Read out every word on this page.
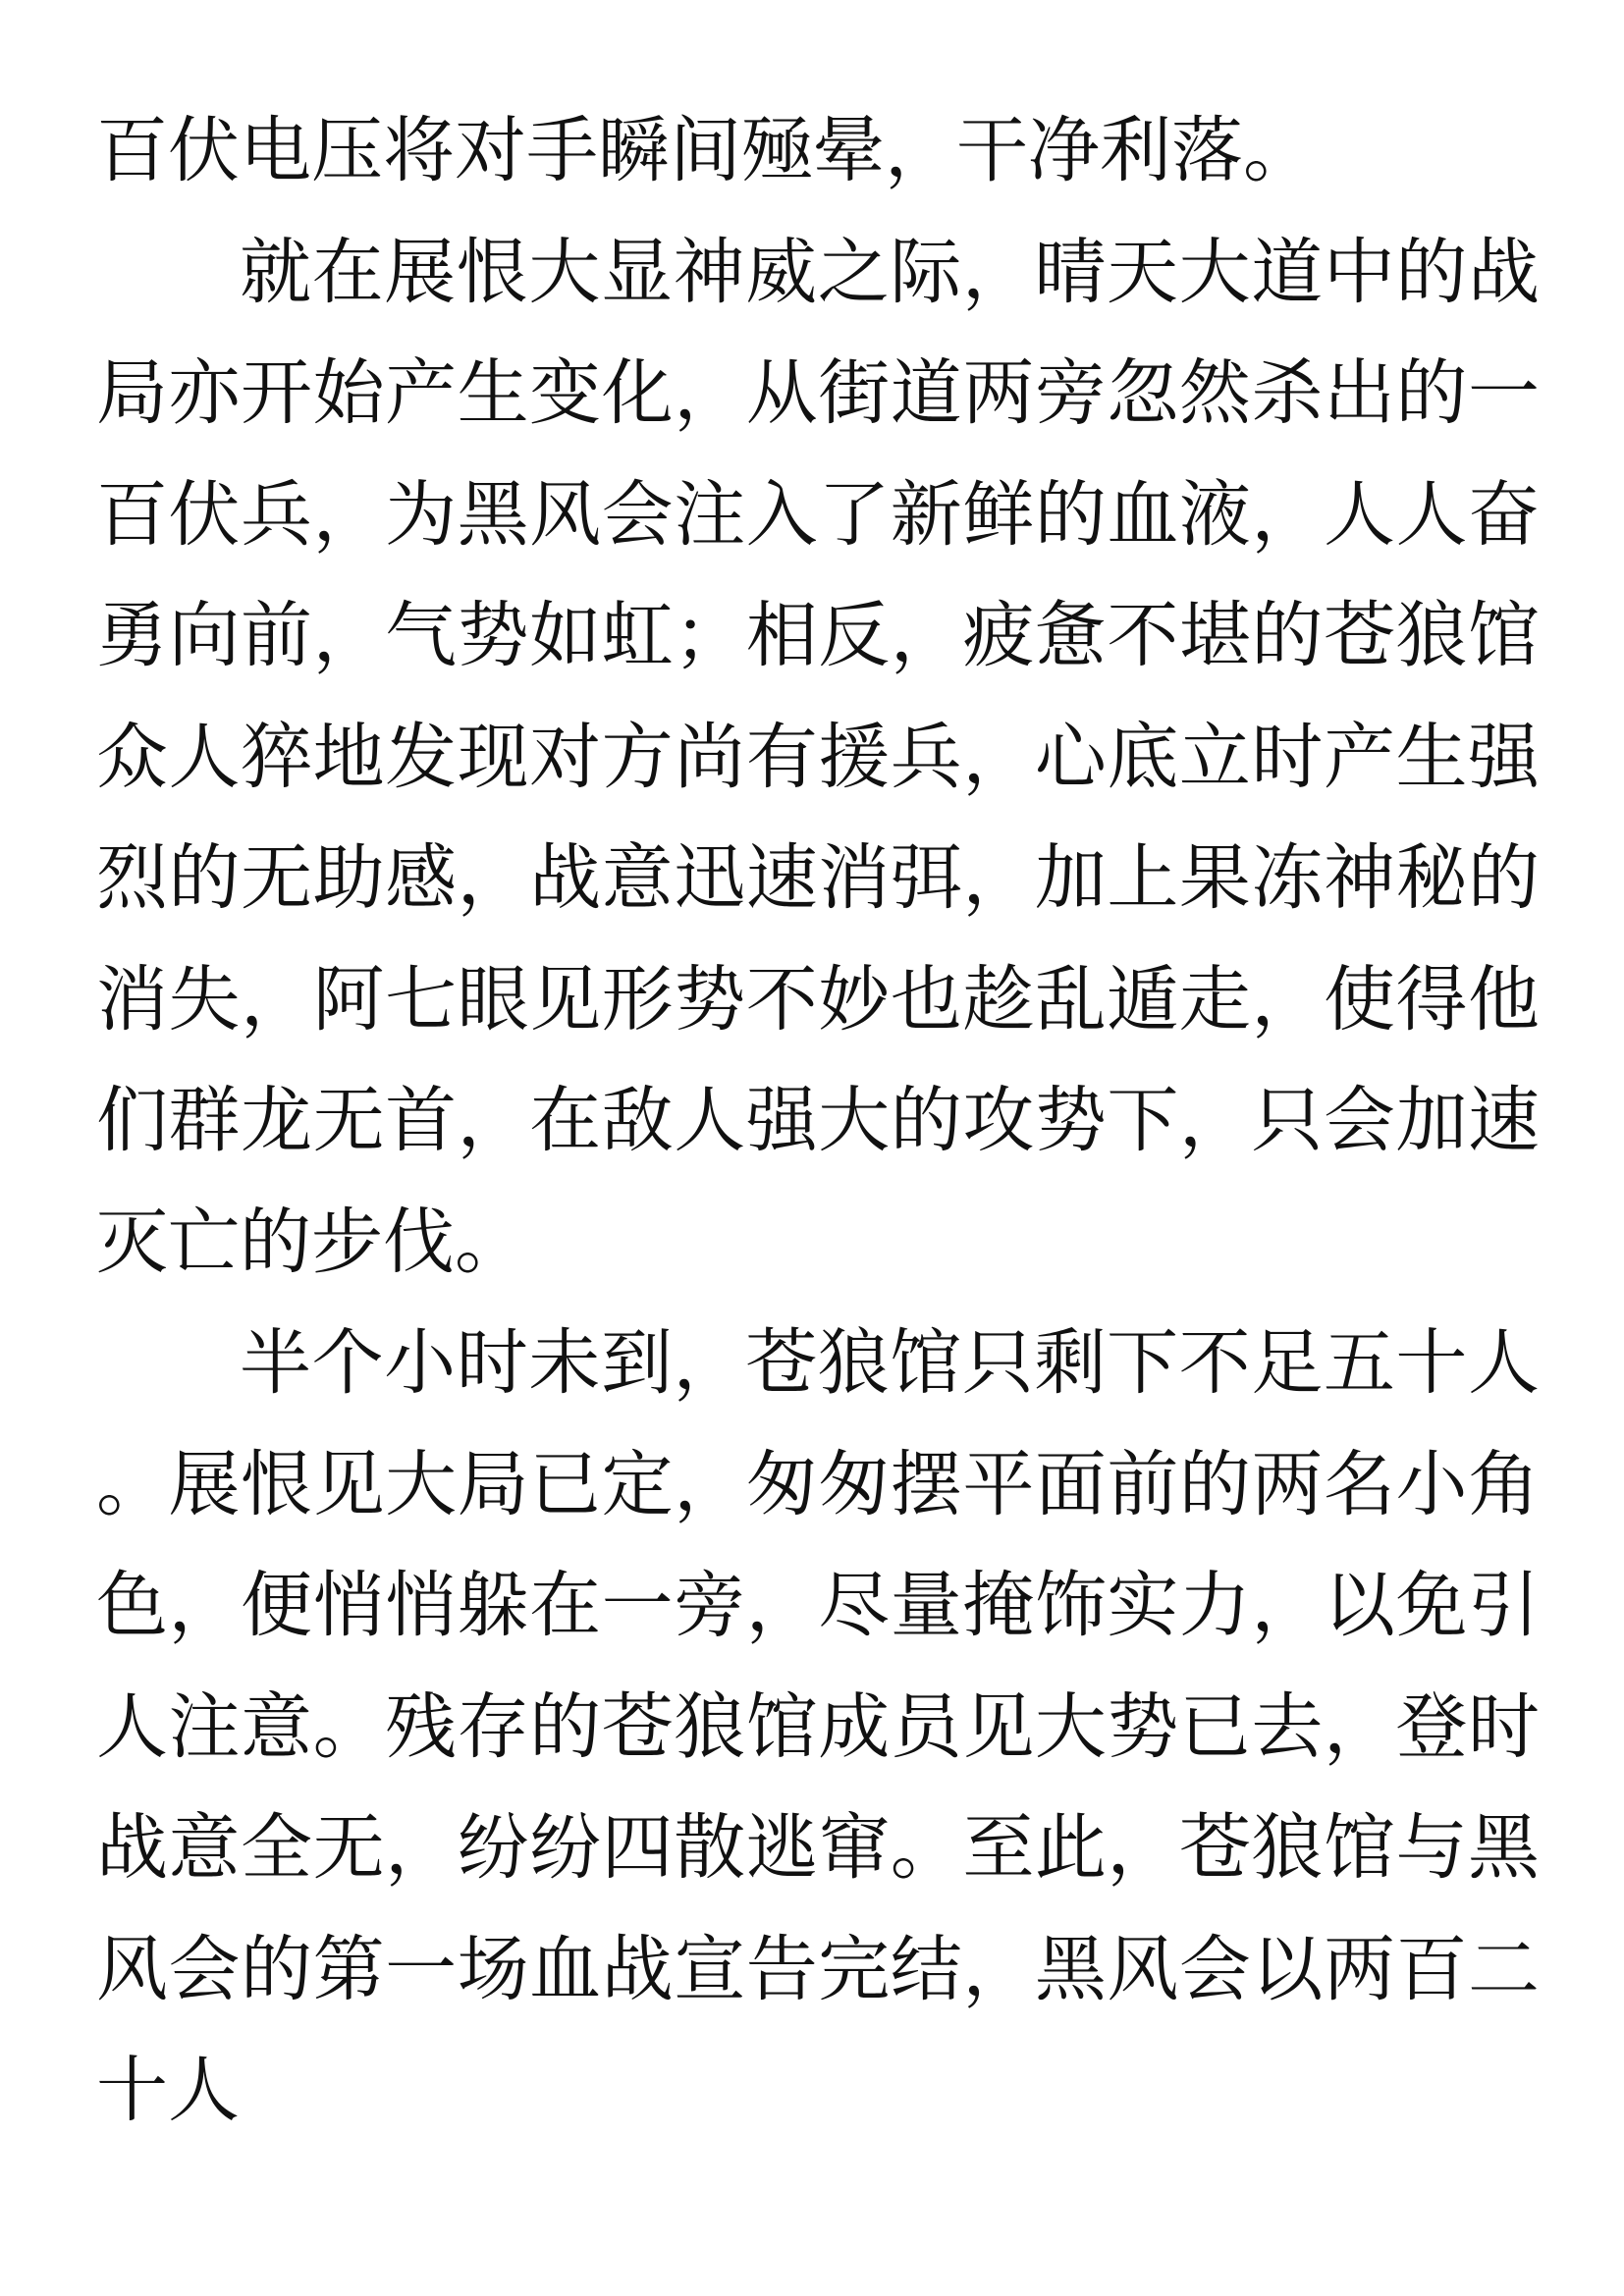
百伏电压将对手瞬间殛晕，干净利落。

就在展恨大显神威之际，晴天大道中的战局亦开始产生变化，从街道两旁忽然杀出的一百伏兵，为黑风会注入了新鲜的血液，人人奋勇向前，气势如虹；相反，疲惫不堪的苍狼馆众人猝地发现对方尚有援兵，心底立时产生强烈的无助感，战意迅速消弭，加上果冻神秘的消失，阿七眼见形势不妙也趁乱遁走，使得他们群龙无首，在敌人强大的攻势下，只会加速灭亡的步伐。

半个小时未到，苍狼馆只剩下不足五十人。展恨见大局已定，匆匆摆平面前的两名小角色，便悄悄躲在一旁，尽量掩饰实力，以免引人注意。残存的苍狼馆成员见大势已去，登时战意全无，纷纷四散逃窜。至此，苍狼馆与黑风会的第一场血战宣告完结，黑风会以两百二十人
